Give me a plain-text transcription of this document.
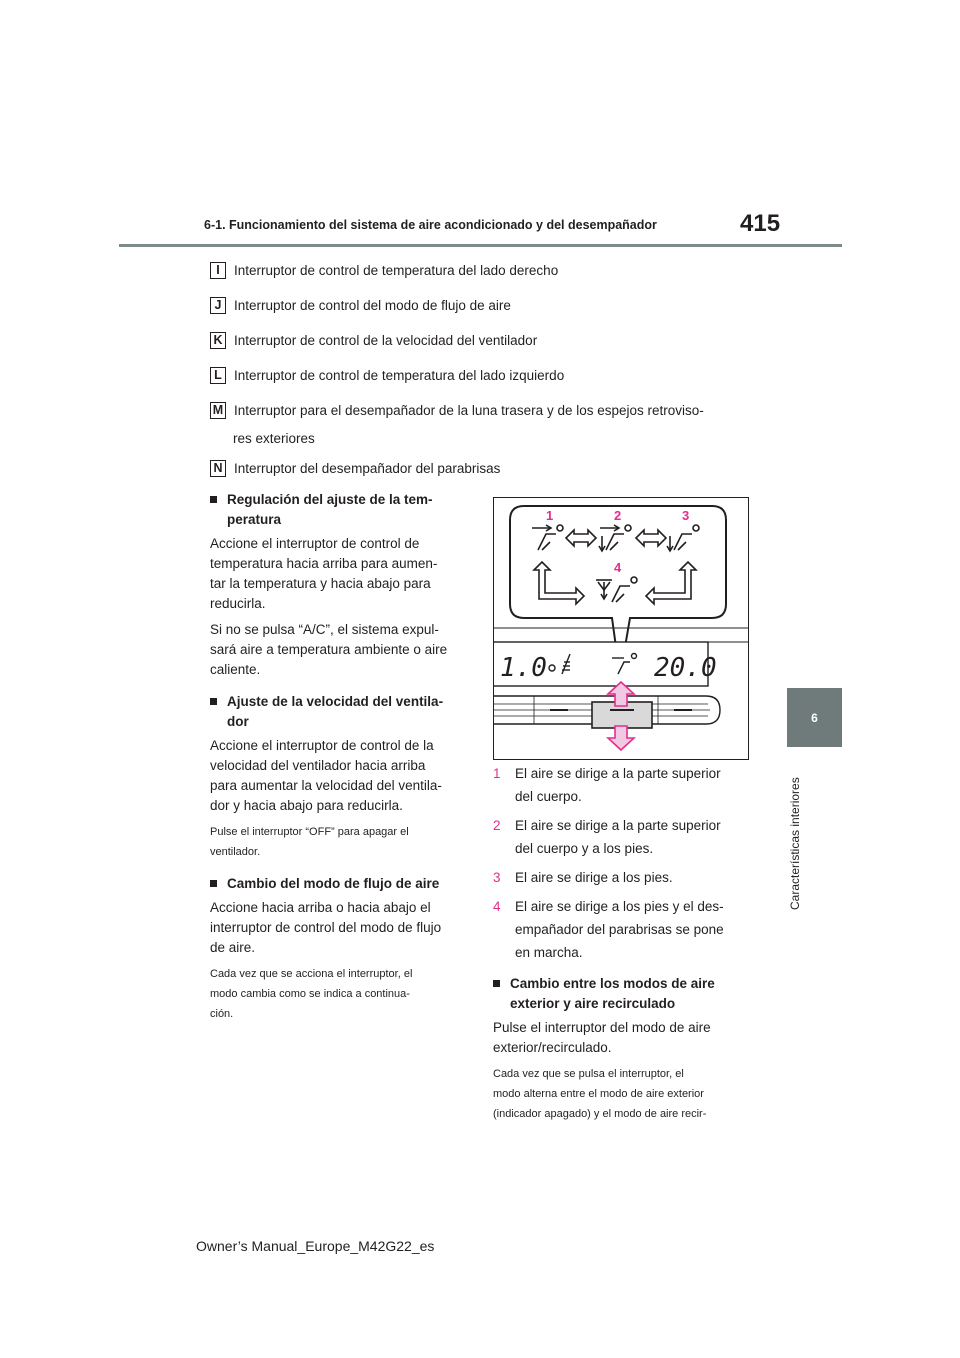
6-1. Funcionamiento del sistema de aire acondicionado y del desempañador	415
6
Características interiores
I	Interruptor de control de temperatura del lado derecho
J Interruptor de control del modo de flujo de aire
K Interruptor de control de la velocidad del ventilador
L Interruptor de control de temperatura del lado izquierdo
M Interruptor para el desempañador de la luna trasera y de los espejos retroviso-
res exteriores
N Interruptor del desempañador del parabrisas
Regulación del ajuste de la tem-
peratura

Accione el interruptor de control de
temperatura hacia arriba para aumen-
tar la temperatura y hacia abajo para
reducirla.

Si no se pulsa “A/C”, el sistema expul-
sará aire a temperatura ambiente o aire
caliente.

Ajuste de la velocidad del ventila-
dor

Accione el interruptor de control de la
velocidad del ventilador hacia arriba
para aumentar la velocidad del ventila-
dor y hacia abajo para reducirla.

Pulse el interruptor “OFF” para apagar el
ventilador.

Cambio del modo de flujo de aire

Accione hacia arriba o hacia abajo el
interruptor de control del modo de flujo
de aire.

Cada vez que se acciona el interruptor, el
modo cambia como se indica a continua-
ción.

1	2	3
4
1.0	20.0
1	El aire se dirige a la parte superior
del cuerpo.
2	El aire se dirige a la parte superior
del cuerpo y a los pies.
3	El aire se dirige a los pies.
4	El aire se dirige a los pies y el des-
empañador del parabrisas se pone
en marcha.
Cambio entre los modos de aire
exterior y aire recirculado

Pulse el interruptor del modo de aire
exterior/recirculado.

Cada vez que se pulsa el interruptor, el
modo alterna entre el modo de aire exterior
(indicador apagado) y el modo de aire recir-

Owner’s Manual_Europe_M42G22_es
